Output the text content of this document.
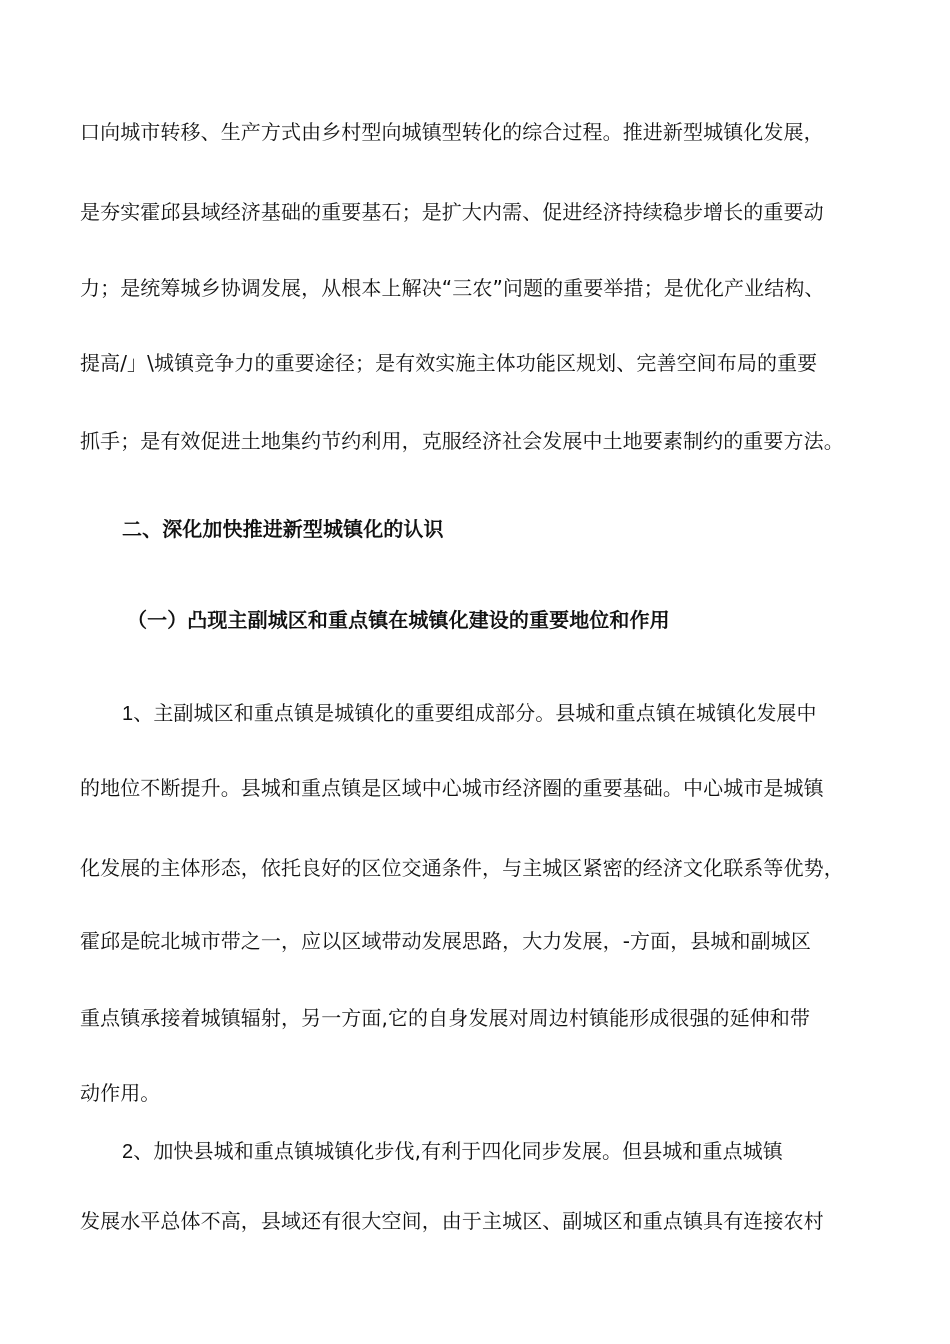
口向城市转移、生产方式由乡村型向城镇型转化的综合过程。推进新型城镇化发展，
是夯实霍邱县域经济基础的重要基石；是扩大内需、促进经济持续稳步增长的重要动
力；是统筹城乡协调发展，从根本上解决“三农”问题的重要举措；是优化产业结构、
提高/」\城镇竞争力的重要途径；是有效实施主体功能区规划、完善空间布局的重要
抓手；是有效促进土地集约节约利用，克服经济社会发展中土地要素制约的重要方法。
二、深化加快推进新型城镇化的认识
（一）凸现主副城区和重点镇在城镇化建设的重要地位和作用
1、主副城区和重点镇是城镇化的重要组成部分。县城和重点镇在城镇化发展中
的地位不断提升。县城和重点镇是区域中心城市经济圈的重要基础。中心城市是城镇
化发展的主体形态，依托良好的区位交通条件，与主城区紧密的经济文化联系等优势，
霍邱是皖北城市带之一，应以区域带动发展思路，大力发展，-方面，县城和副城区
重点镇承接着城镇辐射，另一方面,它的自身发展对周边村镇能形成很强的延伸和带
动作用。
2、加快县城和重点镇城镇化步伐,有利于四化同步发展。但县城和重点城镇
发展水平总体不高，县域还有很大空间，由于主城区、副城区和重点镇具有连接农村
